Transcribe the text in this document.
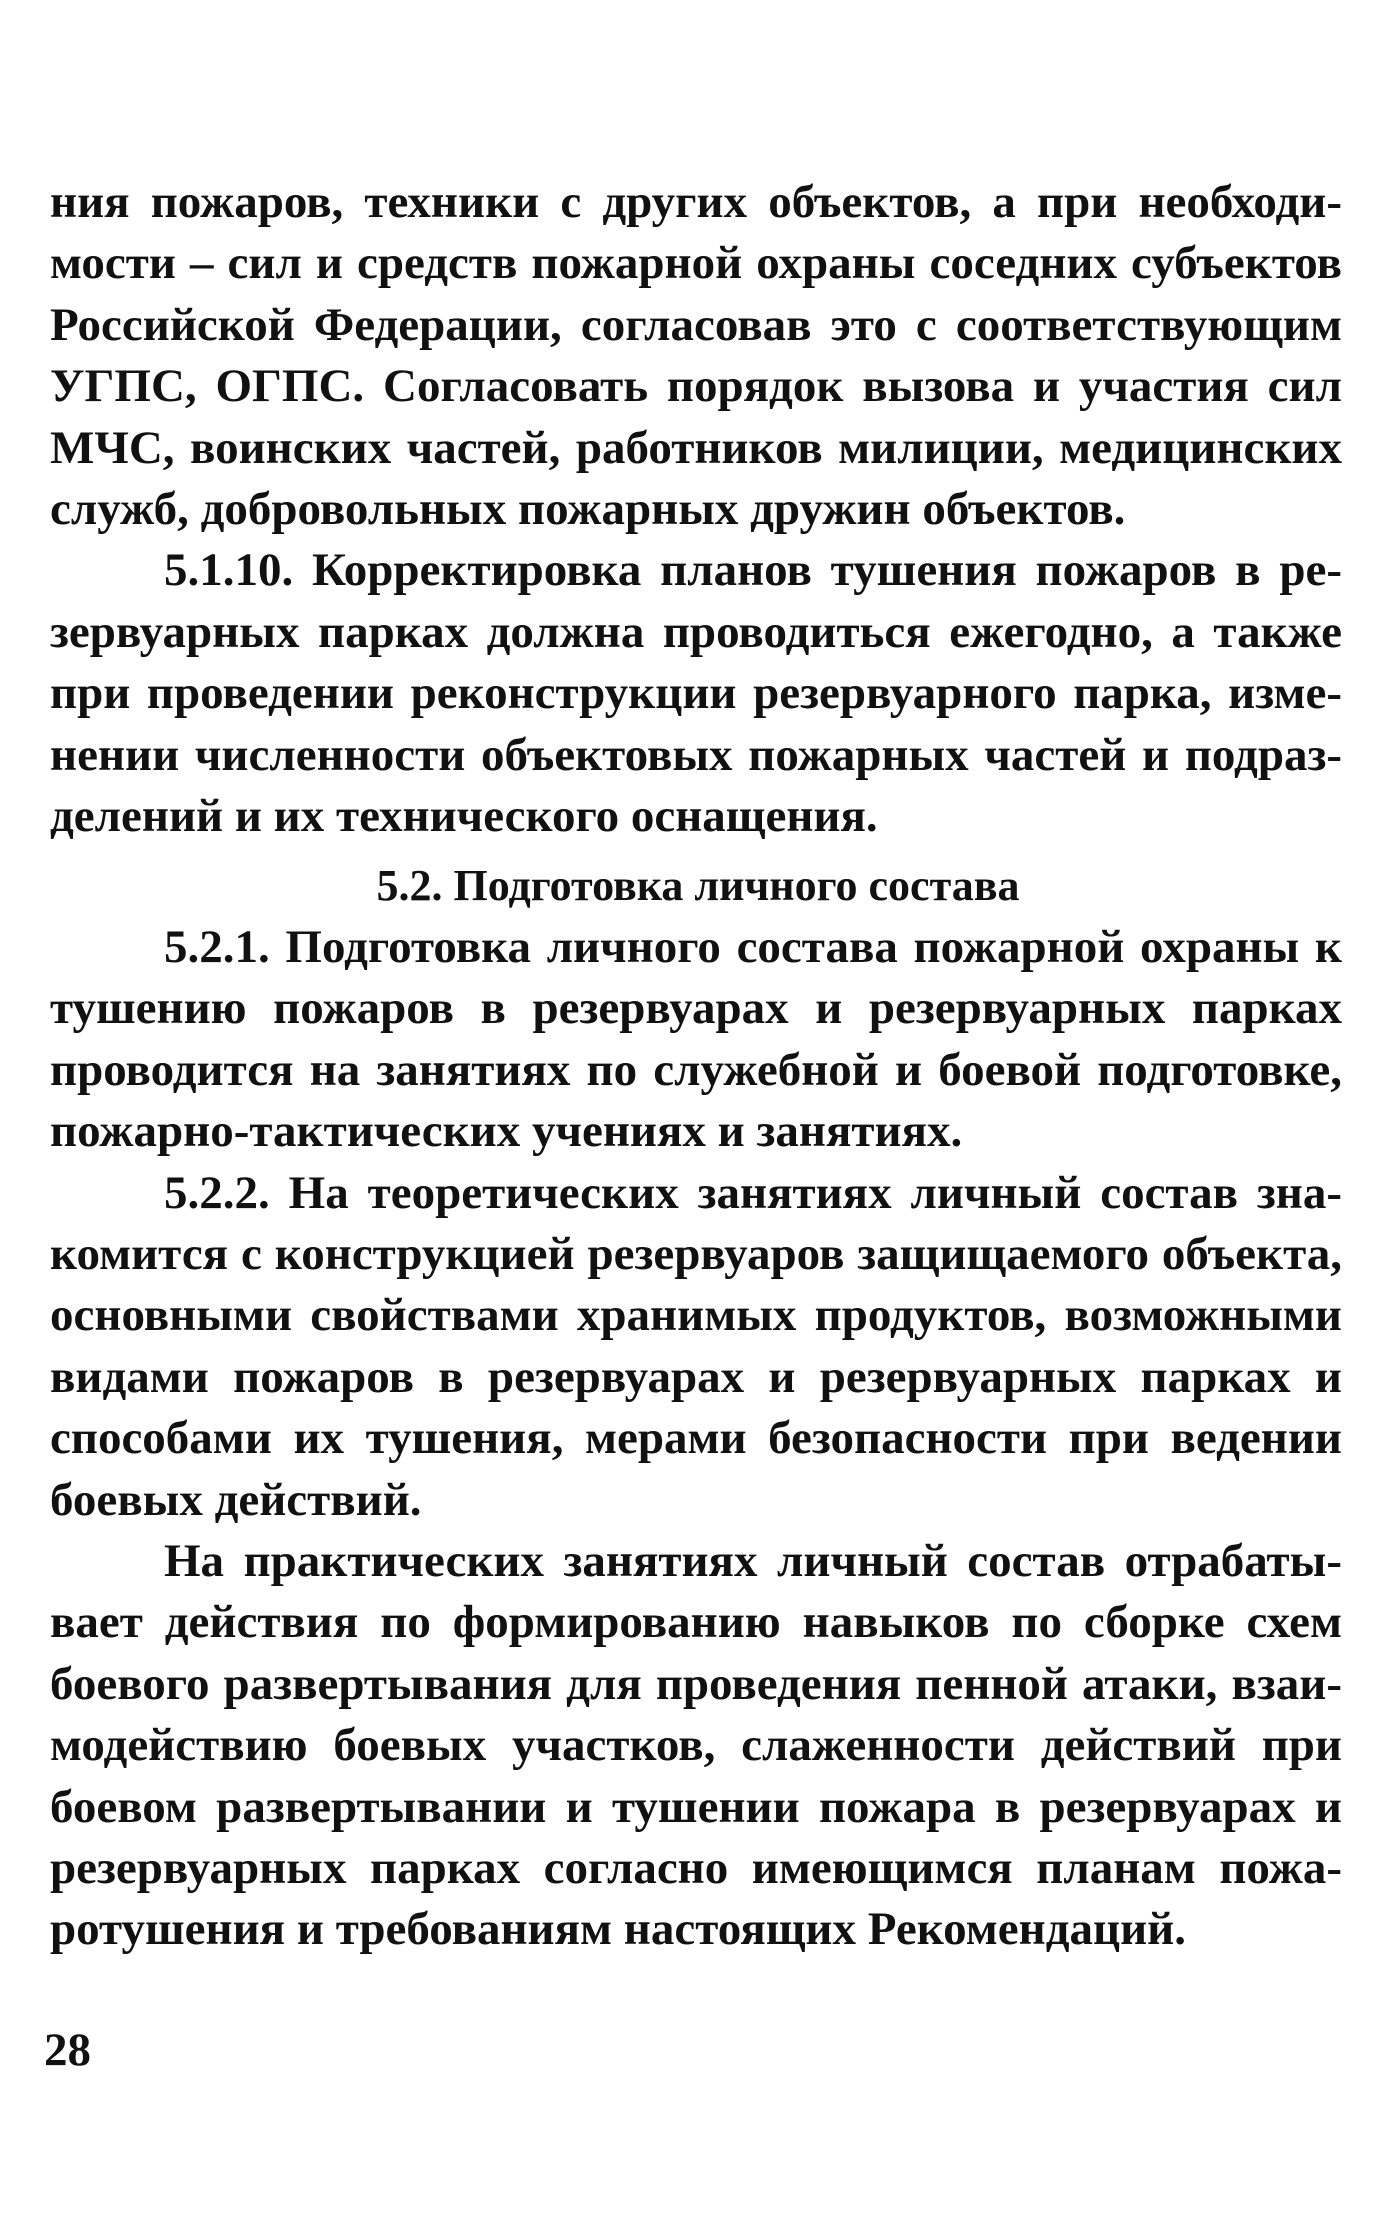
ния пожаров, техники с других объектов, а при необходимости – сил и средств пожарной охраны соседних субъектов Российской Федерации, согласовав это с соответствующим УГПС, ОГПС. Согласовать порядок вызова и участия сил МЧС, воинских частей, работников милиции, медицинских служб, добровольных пожарных дружин объектов.

5.1.10. Корректировка планов тушения пожаров в резервуарных парках должна проводиться ежегодно, а также при проведении реконструкции резервуарного парка, изменении численности объектовых пожарных частей и подразделений и их технического оснащения.

5.2. Подготовка личного состава

5.2.1. Подготовка личного состава пожарной охраны к тушению пожаров в резервуарах и резервуарных парках проводится на занятиях по служебной и боевой подготовке, пожарно-тактических учениях и занятиях.

5.2.2. На теоретических занятиях личный состав знакомится с конструкцией резервуаров защищаемого объекта, основными свойствами хранимых продуктов, возможными видами пожаров в резервуарах и резервуарных парках и способами их тушения, мерами безопасности при ведении боевых действий.

На практических занятиях личный состав отрабатывает действия по формированию навыков по сборке схем боевого развертывания для проведения пенной атаки, взаимодействию боевых участков, слаженности действий при боевом развертывании и тушении пожара в резервуарах и резервуарных парках согласно имеющимся планам пожаротушения и требованиям настоящих Рекомендаций.

28
